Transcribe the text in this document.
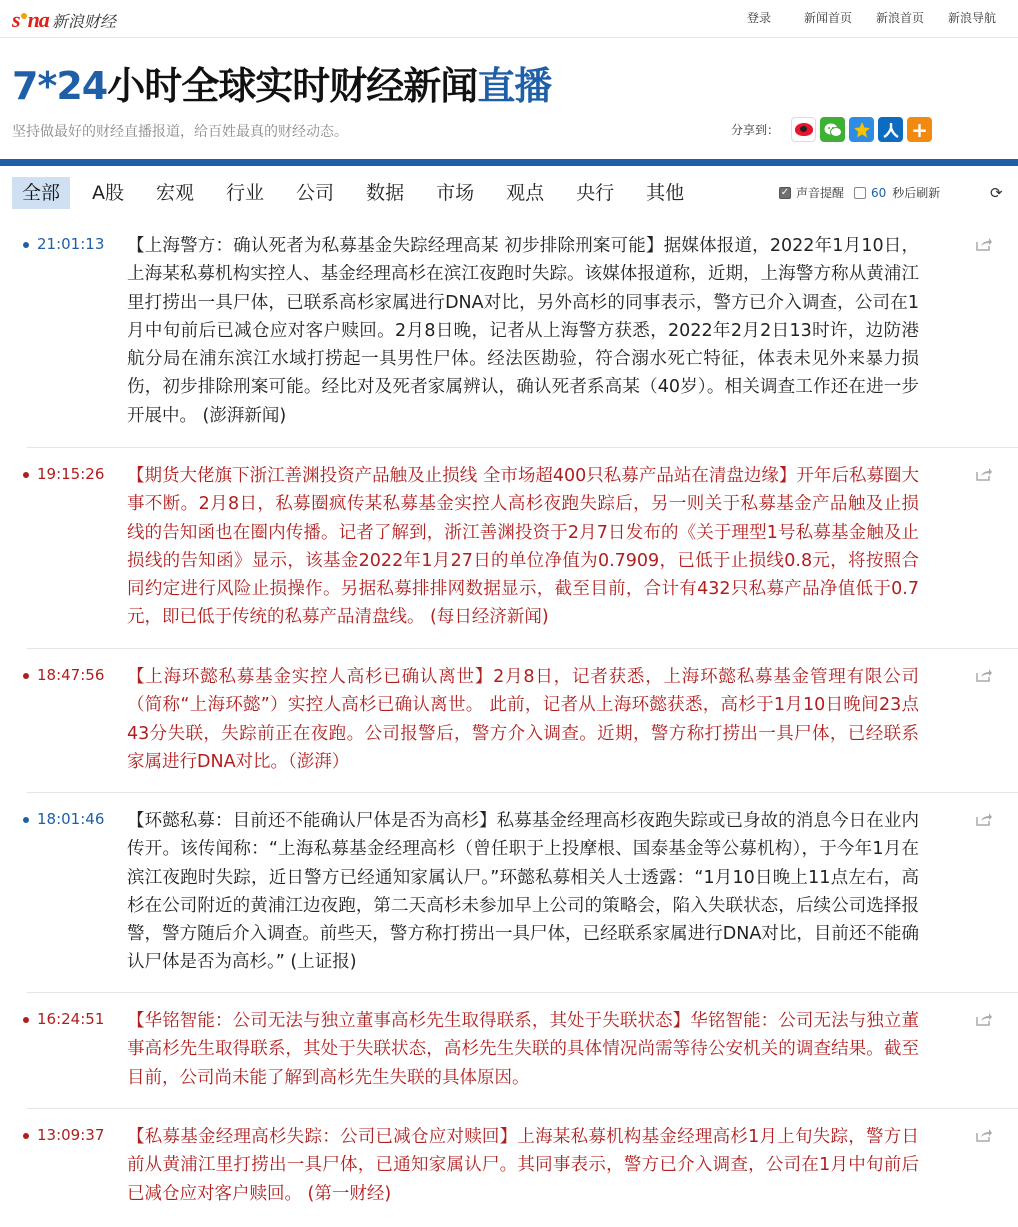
s na 新浪财经	登录	新闻首页 新浪首页 新浪导航
7*24小时全球实时财经新闻直播
坚持做最好的财经直播报道，给百姓最真的财经动态。	分享到：	+
全部	A股	宏观	行业	公司	数据	市场	观点	央行	其他	✓ 声音提醒 60 秒后刷新	⟳
21:01:13 【上海警方：确认死者为私募基金失踪经理高某 初步排除刑案可能】据媒体报道，2022年1月10日，上海某私募机构实控人、基金经理高杉在滨江夜跑时失踪。该媒体报道称，近期，上海警方称从黄浦江里打捞出一具尸体，已联系高杉家属进行DNA对比，另外高杉的同事表示，警方已介入调查，公司在1月中旬前后已减仓应对客户赎回。2月8日晚，记者从上海警方获悉，2022年2月2日13时许，边防港航分局在浦东滨江水域打捞起一具男性尸体。经法医勘验，符合溺水死亡特征，体表未见外来暴力损伤，初步排除刑案可能。经比对及死者家属辨认，确认死者系高某（40岁）。相关调查工作还在进一步开展中。 (澎湃新闻)
19:15:26 【期货大佬旗下浙江善渊投资产品触及止损线 全市场超400只私募产品站在清盘边缘】开年后私募圈大事不断。2月8日，私募圈疯传某私募基金实控人高杉夜跑失踪后，另一则关于私募基金产品触及止损线的告知函也在圈内传播。记者了解到，浙江善渊投资于2月7日发布的《关于理型1号私募基金触及止损线的告知函》显示，该基金2022年1月27日的单位净值为0.7909，已低于止损线0.8元，将按照合同约定进行风险止损操作。另据私募排排网数据显示，截至目前，合计有432只私募产品净值低于0.7元，即已低于传统的私募产品清盘线。 (每日经济新闻)
18:47:56 【上海环懿私募基金实控人高杉已确认离世】2月8日，记者获悉，上海环懿私募基金管理有限公司（简称“上海环懿”）实控人高杉已确认离世。 此前，记者从上海环懿获悉，高杉于1月10日晚间23点43分失联，失踪前正在夜跑。公司报警后，警方介入调查。近期，警方称打捞出一具尸体，已经联系家属进行DNA对比。（澎湃）
18:01:46 【环懿私募：目前还不能确认尸体是否为高杉】私募基金经理高杉夜跑失踪或已身故的消息今日在业内传开。该传闻称：“上海私募基金经理高杉（曾任职于上投摩根、国泰基金等公募机构），于今年1月在滨江夜跑时失踪，近日警方已经通知家属认尸。”环懿私募相关人士透露：“1月10日晚上11点左右，高杉在公司附近的黄浦江边夜跑，第二天高杉未参加早上公司的策略会，陷入失联状态，后续公司选择报警，警方随后介入调查。前些天，警方称打捞出一具尸体，已经联系家属进行DNA对比，目前还不能确认尸体是否为高杉。” (上证报)
16:24:51 【华铭智能：公司无法与独立董事高杉先生取得联系，其处于失联状态】华铭智能：公司无法与独立董事高杉先生取得联系，其处于失联状态，高杉先生失联的具体情况尚需等待公安机关的调查结果。截至目前，公司尚未能了解到高杉先生失联的具体原因。
13:09:37 【私募基金经理高杉失踪：公司已减仓应对赎回】上海某私募机构基金经理高杉1月上旬失踪，警方日前从黄浦江里打捞出一具尸体，已通知家属认尸。其同事表示，警方已介入调查，公司在1月中旬前后已减仓应对客户赎回。 (第一财经)
